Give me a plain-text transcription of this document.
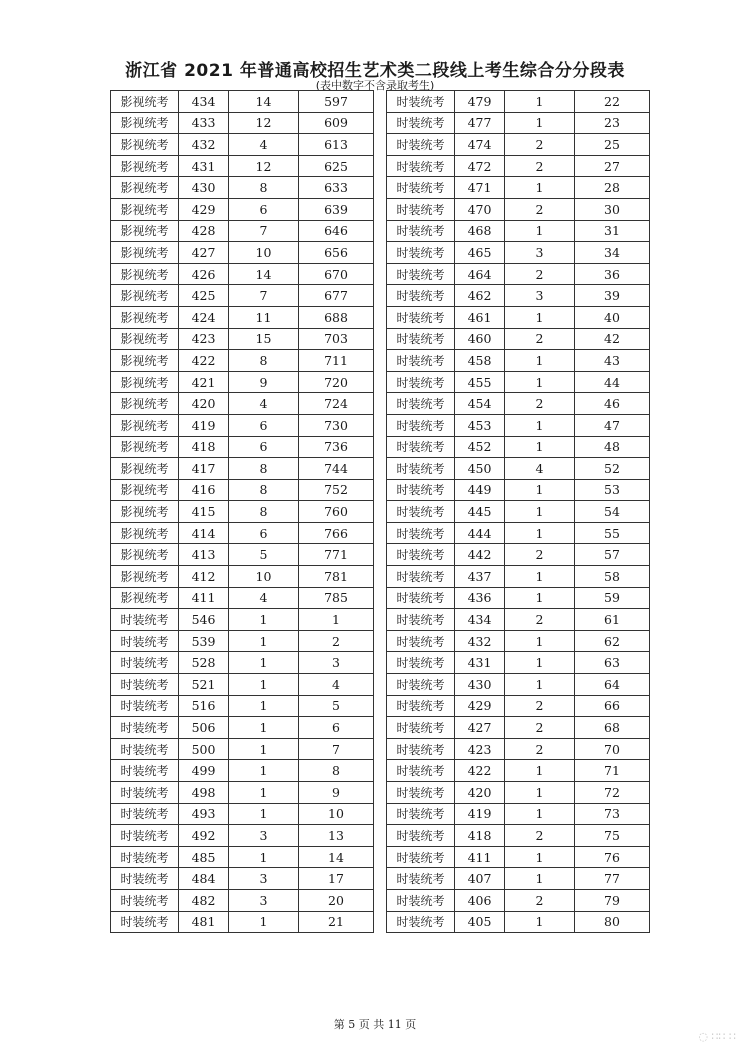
浙江省 2021 年普通高校招生艺术类二段线上考生综合分分段表
(表中数字不含录取考生)
影视统考	434	14	597
影视统考	433	12	609
影视统考	432	4	613
影视统考	431	12	625
影视统考	430	8	633
影视统考	429	6	639
影视统考	428	7	646
影视统考	427	10	656
影视统考	426	14	670
影视统考	425	7	677
影视统考	424	11	688
影视统考	423	15	703
影视统考	422	8	711
影视统考	421	9	720
影视统考	420	4	724
影视统考	419	6	730
影视统考	418	6	736
影视统考	417	8	744
影视统考	416	8	752
影视统考	415	8	760
影视统考	414	6	766
影视统考	413	5	771
影视统考	412	10	781
影视统考	411	4	785
时装统考	546	1	1
时装统考	539	1	2
时装统考	528	1	3
时装统考	521	1	4
时装统考	516	1	5
时装统考	506	1	6
时装统考	500	1	7
时装统考	499	1	8
时装统考	498	1	9
时装统考	493	1	10
时装统考	492	3	13
时装统考	485	1	14
时装统考	484	3	17
时装统考	482	3	20
时装统考	481	1	21
时装统考	479	1	22
时装统考	477	1	23
时装统考	474	2	25
时装统考	472	2	27
时装统考	471	1	28
时装统考	470	2	30
时装统考	468	1	31
时装统考	465	3	34
时装统考	464	2	36
时装统考	462	3	39
时装统考	461	1	40
时装统考	460	2	42
时装统考	458	1	43
时装统考	455	1	44
时装统考	454	2	46
时装统考	453	1	47
时装统考	452	1	48
时装统考	450	4	52
时装统考	449	1	53
时装统考	445	1	54
时装统考	444	1	55
时装统考	442	2	57
时装统考	437	1	58
时装统考	436	1	59
时装统考	434	2	61
时装统考	432	1	62
时装统考	431	1	63
时装统考	430	1	64
时装统考	429	2	66
时装统考	427	2	68
时装统考	423	2	70
时装统考	422	1	71
时装统考	420	1	72
时装统考	419	1	73
时装统考	418	2	75
时装统考	411	1	76
时装统考	407	1	77
时装统考	406	2	79
时装统考	405	1	80
第 5 页 共 11 页
◌ ∷∷ ∷
